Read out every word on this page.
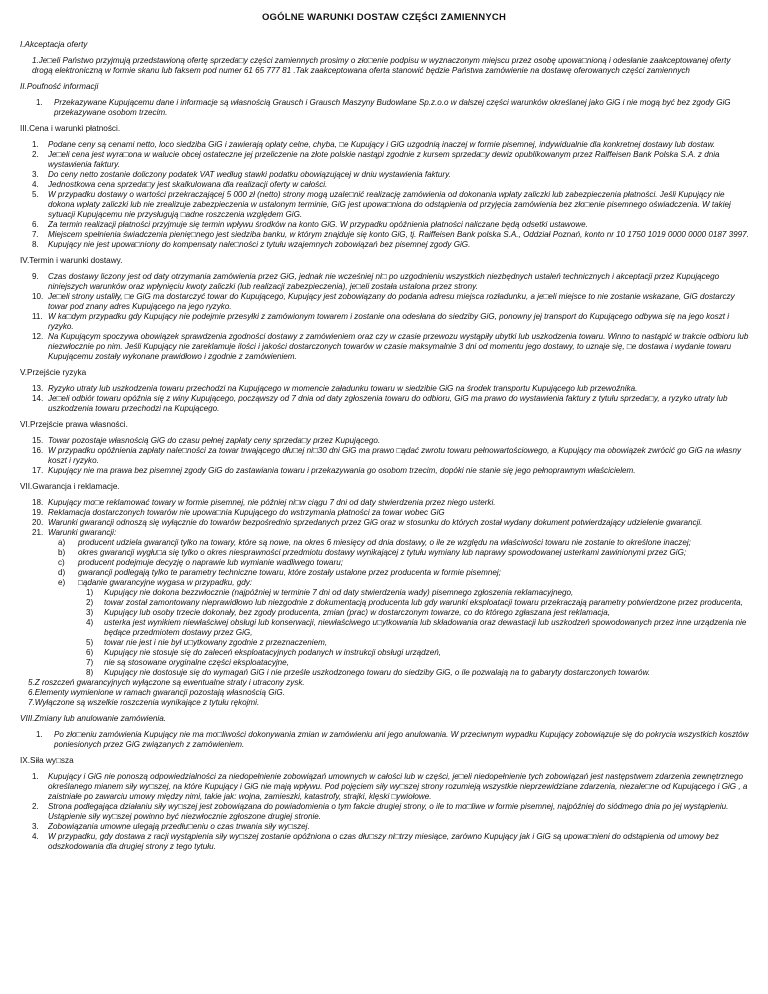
OGÓLNE WARUNKI DOSTAW CZĘŚCI ZAMIENNYCH
I.Akceptacja oferty
1.Je□eli Państwo przyjmują przedstawioną ofertę sprzeda□y części zamiennych prosimy o zło□enie podpisu w wyznaczonym miejscu przez osobę upowa□nioną i odesłanie zaakceptowanej oferty drogą elektroniczną w formie skanu lub faksem pod numer 61 65 777 81 .Tak zaakceptowana oferta stanowić będzie Państwa zamówienie na dostawę oferowanych części zamiennych
II.Poufność informacji
1.	Przekazywane Kupującemu dane i informacje są własnością Grausch i Grausch Maszyny Budowlane Sp.z.o.o w dalszej części warunków określanej jako GiG i nie mogą być bez zgody GiG przekazywane osobom trzecim.
III.Cena i warunki płatności.
1.	Podane ceny są cenami netto, loco siedziba GiG i zawierają opłaty celne, chyba, □e Kupujący i GiG uzgodnią inaczej w formie pisemnej, indywidualnie dla konkretnej dostawy lub dostaw.
2.	Je□eli cena jest wyra□ona w walucie obcej ostateczne jej przeliczenie na złote polskie nastąpi zgodnie z kursem sprzeda□y dewiz opublikowanym przez Raiffeisen Bank Polska S.A. z dnia wystawienia faktury.
3.	Do ceny netto zostanie doliczony podatek VAT według stawki podatku obowiązującej w dniu wystawienia faktury.
4.	Jednostkowa cena sprzeda□y jest skalkulowana dla realizacji oferty w całości.
5.	W przypadku dostawy o wartości przekraczającej 5 000 zł (netto) strony mogą uzale□nić realizację zamówienia od dokonania wpłaty zaliczki lub zabezpieczenia płatności. Jeśli Kupujący nie dokona wpłaty zaliczki lub nie zrealizuje zabezpieczenia w ustalonym terminie, GiG jest upowa□niona do odstąpienia od przyjęcia zamówienia bez zło□enie pisemnego oświadczenia. W takiej sytuacji Kupującemu nie przysługują □adne roszczenia względem GiG.
6.	Za termin realizacji płatności przyjmuje się termin wpływu środków na konto GiG. W przypadku opóźnienia płatności naliczane będą odsetki ustawowe.
7.	Miejscem spełnienia świadczenia pienię□nego jest siedziba banku, w którym znajduje się konto GiG, tj. Raiffeisen Bank polska S.A., Oddział Poznań, konto nr 10 1750 1019 0000 0000 0187 3997.
8.	Kupujący nie jest upowa□niony do kompensaty nale□ności z tytułu wzajemnych zobowiązań bez pisemnej zgody GiG.
IV.Termin i warunki dostawy.
9.	Czas dostawy liczony jest od daty otrzymania zamówienia przez GiG, jednak nie wcześniej ni□ po uzgodnieniu wszystkich niezbędnych ustaleń technicznych i akceptacji przez Kupującego niniejszych warunków oraz wpłynięciu kwoty zaliczki (lub realizacji zabezpieczenia), je□eli została ustalona przez strony.
10. Je□eli strony ustaliły, □e GiG ma dostarczyć towar do Kupującego, Kupujący jest zobowiązany do podania adresu miejsca rozładunku, a je□eli miejsce to nie zostanie wskazane, GiG dostarczy towar pod znany adres Kupującego na jego ryzyko.
11. W ka□dym przypadku gdy Kupujący nie podejmie przesyłki z zamówionym towarem i zostanie ona odesłana do siedziby GiG, ponowny jej transport do Kupującego odbywa się na jego koszt i ryzyko.
12. Na Kupującym spoczywa obowiązek sprawdzenia zgodności dostawy z zamówieniem oraz czy w czasie przewozu wystąpiły ubytki lub uszkodzenia towaru. Winno to nastąpić w trakcie odbioru lub niezwłocznie po nim. Jeśli Kupujący nie zareklamuje ilości i jakości dostarczonych towarów w czasie maksymalnie 3 dni od momentu jego dostawy, to uznaje się, □e dostawa i wydanie towaru Kupującemu zostały wykonane prawidłowo i zgodnie z zamówieniem.
V.Przejście ryzyka
13. Ryzyko utraty lub uszkodzenia towaru przechodzi na Kupującego w momencie załadunku towaru w siedzibie GiG na środek transportu Kupującego lub przewoźnika.
14. Je□eli odbiór towaru opóźnia się z winy Kupującego, począwszy od 7 dnia od daty zgłoszenia towaru do odbioru, GiG ma prawo do wystawienia faktury z tytułu sprzeda□y, a ryzyko utraty lub uszkodzenia towaru przechodzi na Kupującego.
VI.Przejście prawa własności.
15. Towar pozostaje własnością GiG do czasu pełnej zapłaty ceny sprzeda□y przez Kupującego.
16. W przypadku opóźnienia zapłaty nale□ności za towar trwającego dłu□ej ni□30 dni GiG ma prawo □ądać zwrotu towaru pełnowartościowego, a Kupujący ma obowiązek zwrócić go GiG na własny koszt i ryzyko.
17. Kupujący nie ma prawa bez pisemnej zgody GiG do zastawiania towaru i przekazywania go osobom trzecim, dopóki nie stanie się jego pełnoprawnym właścicielem.
VII.Gwarancja i reklamacje.
18. Kupujący mo□e reklamować towary w formie pisemnej, nie później ni□w ciągu 7 dni od daty stwierdzenia przez niego usterki.
19. Reklamacja dostarczonych towarów nie upowa□nia Kupującego do wstrzymania płatności za towar wobec GiG
20. Warunki gwarancji odnoszą się wyłącznie do towarów bezpośrednio sprzedanych przez GiG oraz w stosunku do których został wydany dokument potwierdzający udzielenie gwarancji.
21. Warunki gwarancji:
a)	producent udziela gwarancji tylko na towary, które są nowe, na okres 6 miesięcy od dnia dostawy, o ile ze względu na właściwości towaru nie zostanie to określone inaczej;
b)	okres gwarancji wygłu□a się tylko o okres niesprawności przedmiotu dostawy wynikającej z tytułu wymiany lub naprawy spowodowanej usterkami zawinionymi przez GiG;
c)	producent podejmuje decyzję o naprawie lub wymianie wadliwego towaru;
d)	gwarancji podlegają tylko te parametry techniczne towaru, które zostały ustalone przez producenta w formie pisemnej;
e)	□ądanie gwarancyjne wygasa w przypadku, gdy:
1)	Kupujący nie dokona bezzwłocznie (najpóźniej w terminie 7 dni od daty stwierdzenia wady) pisemnego zgłoszenia reklamacyjnego,
2)	towar został zamontowany nieprawidłowo lub niezgodnie z dokumentacją producenta lub gdy warunki eksploatacji towaru przekraczają parametry potwierdzone przez producenta,
3)	Kupujący lub osoby trzecie dokonały, bez zgody producenta, zmian (prac) w dostarczonym towarze, co do którego zgłaszana jest reklamacja,
4)	usterka jest wynikiem niewłaściwej obsługi lub konserwacji, niewłaściwego u□ytkowania lub składowania oraz dewastacji lub uszkodzeń spowodowanych przez inne urządzenia nie będące przedmiotem dostawy przez GiG,
5)	towar nie jest i nie był u□ytkowany zgodnie z przeznaczeniem,
6)	Kupujący nie stosuje się do zaleceń eksploatacyjnych podanych w instrukcji obsługi urządzeń,
7)	nie są stosowane oryginalne części eksploatacyjne,
8)	Kupujący nie dostosuje się do wymagań GiG i nie prześle uszkodzonego towaru do siedziby GiG, o ile pozwalają na to gabaryty dostarczonych towarów.
5.Z roszczeń gwarancyjnych wyłączone są ewentualne straty i utracony zysk.
6.Elementy wymienione w ramach gwarancji pozostają własnością GiG.
7.Wyłączone są wszelkie roszczenia wynikające z tytułu rękojmi.
VIII.Zmiany lub anulowanie zamówienia.
1.	Po zło□eniu zamówienia Kupujący nie ma mo□liwości dokonywania zmian w zamówieniu ani jego anulowania. W przeciwnym wypadku Kupujący zobowiązuje się do pokrycia wszystkich kosztów poniesionych przez GiG związanych z zamówieniem.
IX.Siła wy□sza
1.	Kupujący i GiG nie ponoszą odpowiedzialności za niedopełnienie zobowiązań umownych w całości lub w części, je□eli niedopełnienie tych zobowiązań jest następstwem zdarzenia zewnętrznego określanego mianem siły wy□szej, na które Kupujący i GiG nie mają wpływu. Pod pojęciem siły wy□szej strony rozumieją wszystkie nieprzewidziane zdarzenia, niezale□ne od Kupującego i GiG , a zaistniałe po zawarciu umowy między nimi, takie jak: wojna, zamieszki, katastrofy, strajki, klęski □ywiołowe.
2.	Strona podlegająca działaniu siły wy□szej jest zobowiązana do powiadomienia o tym fakcie drugiej strony, o ile to mo□liwe w formie pisemnej, najpóźniej do siódmego dnia po jej wystąpieniu. Ustąpienie siły wy□szej powinno być niezwłocznie zgłoszone drugiej stronie.
3.	Zobowiązania umowne ulegają przedłu□eniu o czas trwania siły wy□szej.
4.	W przypadku, gdy dostawa z racji wystąpienia siły wy□szej zostanie opóźniona o czas dłu□szy ni□trzy miesiące, zarówno Kupujący jak i GiG są upowa□nieni do odstąpienia od umowy bez odszkodowania dla drugiej strony z tego tytułu.
